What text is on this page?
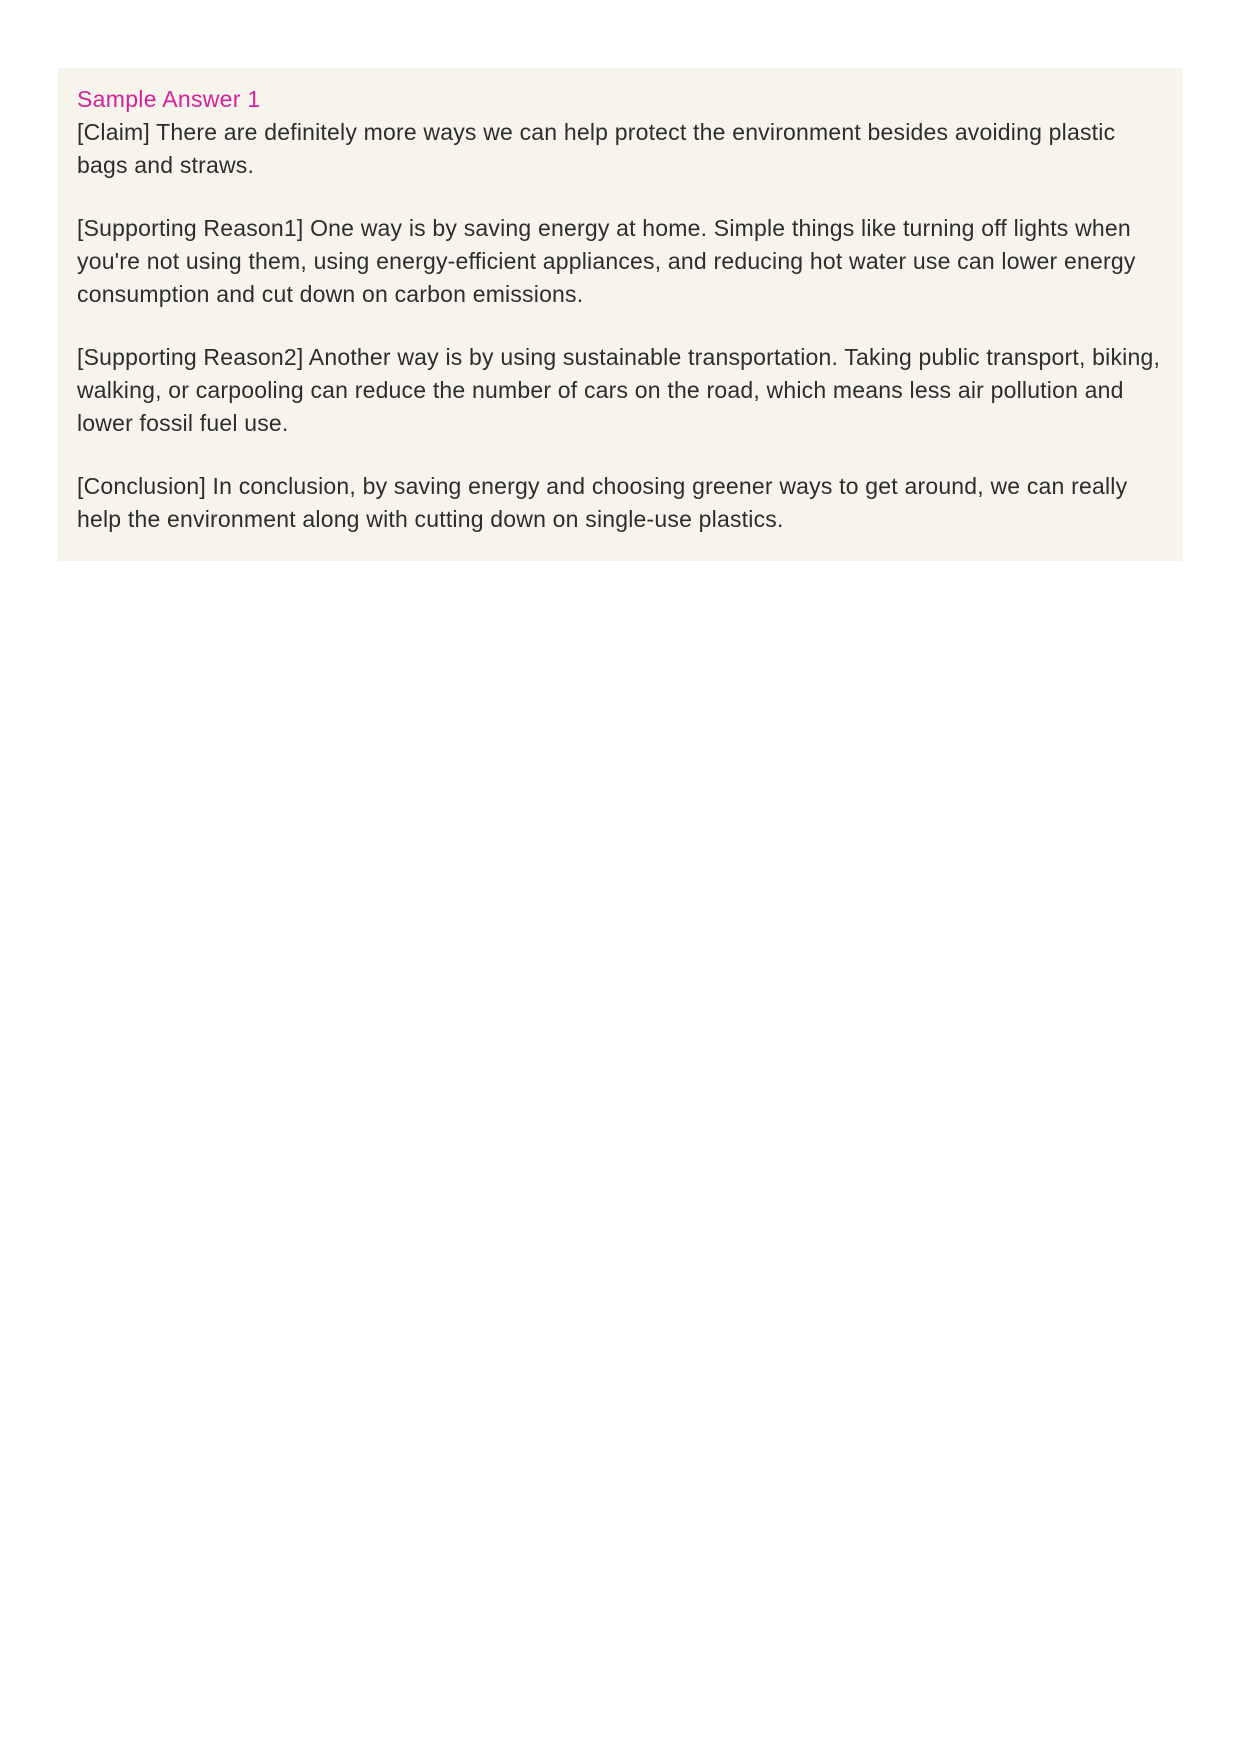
Sample Answer 1

[Claim] There are definitely more ways we can help protect the environment besides avoiding plastic bags and straws.

[Supporting Reason1] One way is by saving energy at home. Simple things like turning off lights when you're not using them, using energy-efficient appliances, and reducing hot water use can lower energy consumption and cut down on carbon emissions.

[Supporting Reason2] Another way is by using sustainable transportation. Taking public transport, biking, walking, or carpooling can reduce the number of cars on the road, which means less air pollution and lower fossil fuel use.

[Conclusion] In conclusion, by saving energy and choosing greener ways to get around, we can really help the environment along with cutting down on single-use plastics.
